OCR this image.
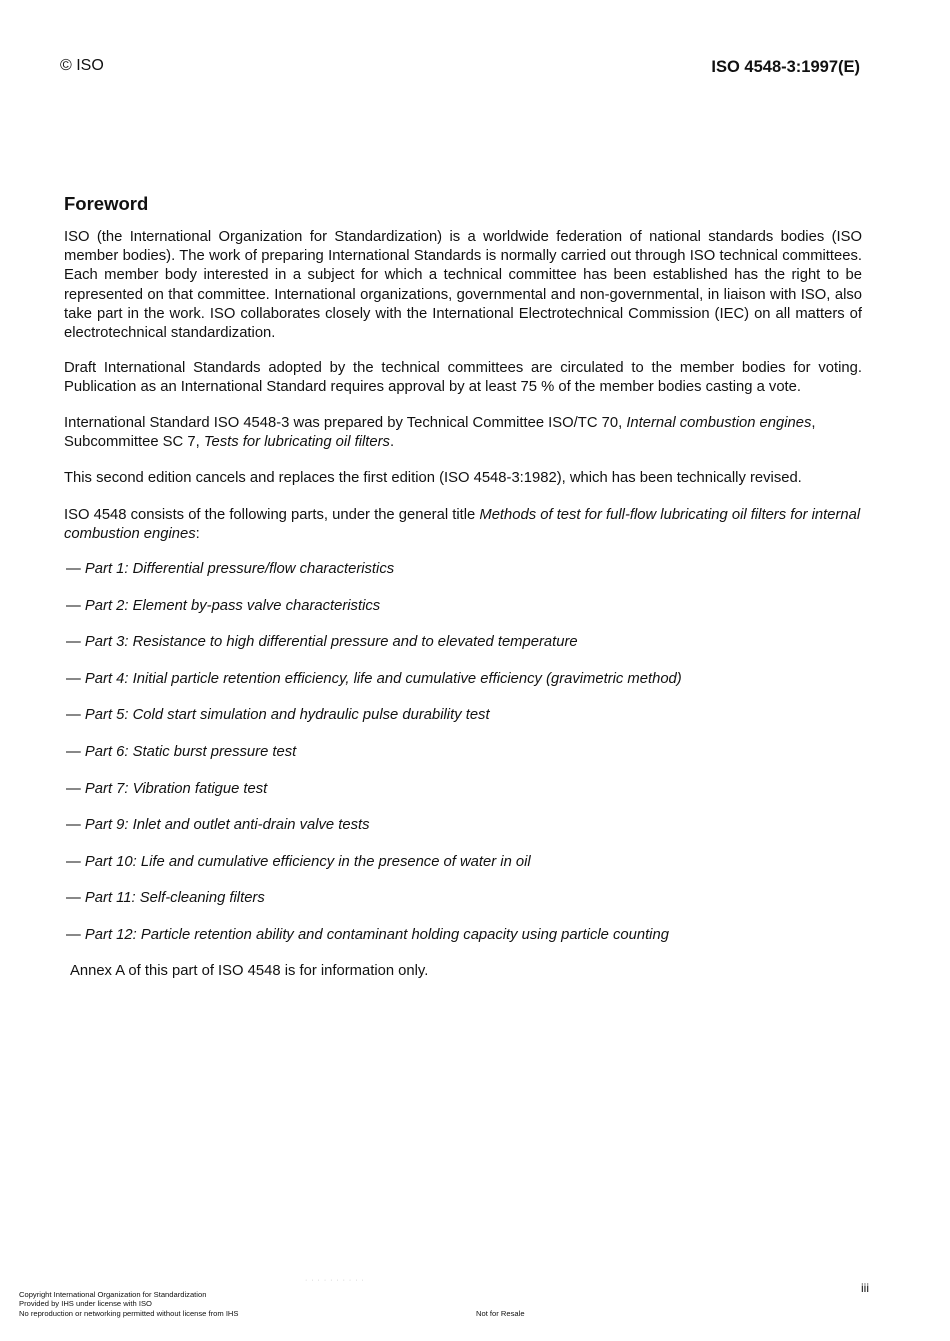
© ISO	ISO 4548-3:1997(E)
Foreword

ISO (the International Organization for Standardization) is a worldwide federation of national standards bodies (ISO member bodies). The work of preparing International Standards is normally carried out through ISO technical committees. Each member body interested in a subject for which a technical committee has been established has the right to be represented on that committee. International organizations, governmental and non-governmental, in liaison with ISO, also take part in the work. ISO collaborates closely with the International Electrotechnical Commission (IEC) on all matters of electrotechnical standardization.

Draft International Standards adopted by the technical committees are circulated to the member bodies for voting. Publication as an International Standard requires approval by at least 75 % of the member bodies casting a vote.

International Standard ISO 4548-3 was prepared by Technical Committee ISO/TC 70, Internal combustion engines, Subcommittee SC 7, Tests for lubricating oil filters.

This second edition cancels and replaces the first edition (ISO 4548-3:1982), which has been technically revised.

ISO 4548 consists of the following parts, under the general title Methods of test for full-flow lubricating oil filters for internal combustion engines:

— Part 1: Differential pressure/flow characteristics
— Part 2: Element by-pass valve characteristics
— Part 3: Resistance to high differential pressure and to elevated temperature
— Part 4: Initial particle retention efficiency, life and cumulative efficiency (gravimetric method)
— Part 5: Cold start simulation and hydraulic pulse durability test
— Part 6: Static burst pressure test
— Part 7: Vibration fatigue test
— Part 9: Inlet and outlet anti-drain valve tests
— Part 10: Life and cumulative efficiency in the presence of water in oil
— Part 11: Self-cleaning filters
— Part 12: Particle retention ability and contaminant holding capacity using particle counting
Annex A of this part of ISO 4548 is for information only.
· · · · · · · · · ·
iii
Copyright International Organization for Standardization
Provided by IHS under license with ISO
No reproduction or networking permitted without license from IHS	Not for Resale
